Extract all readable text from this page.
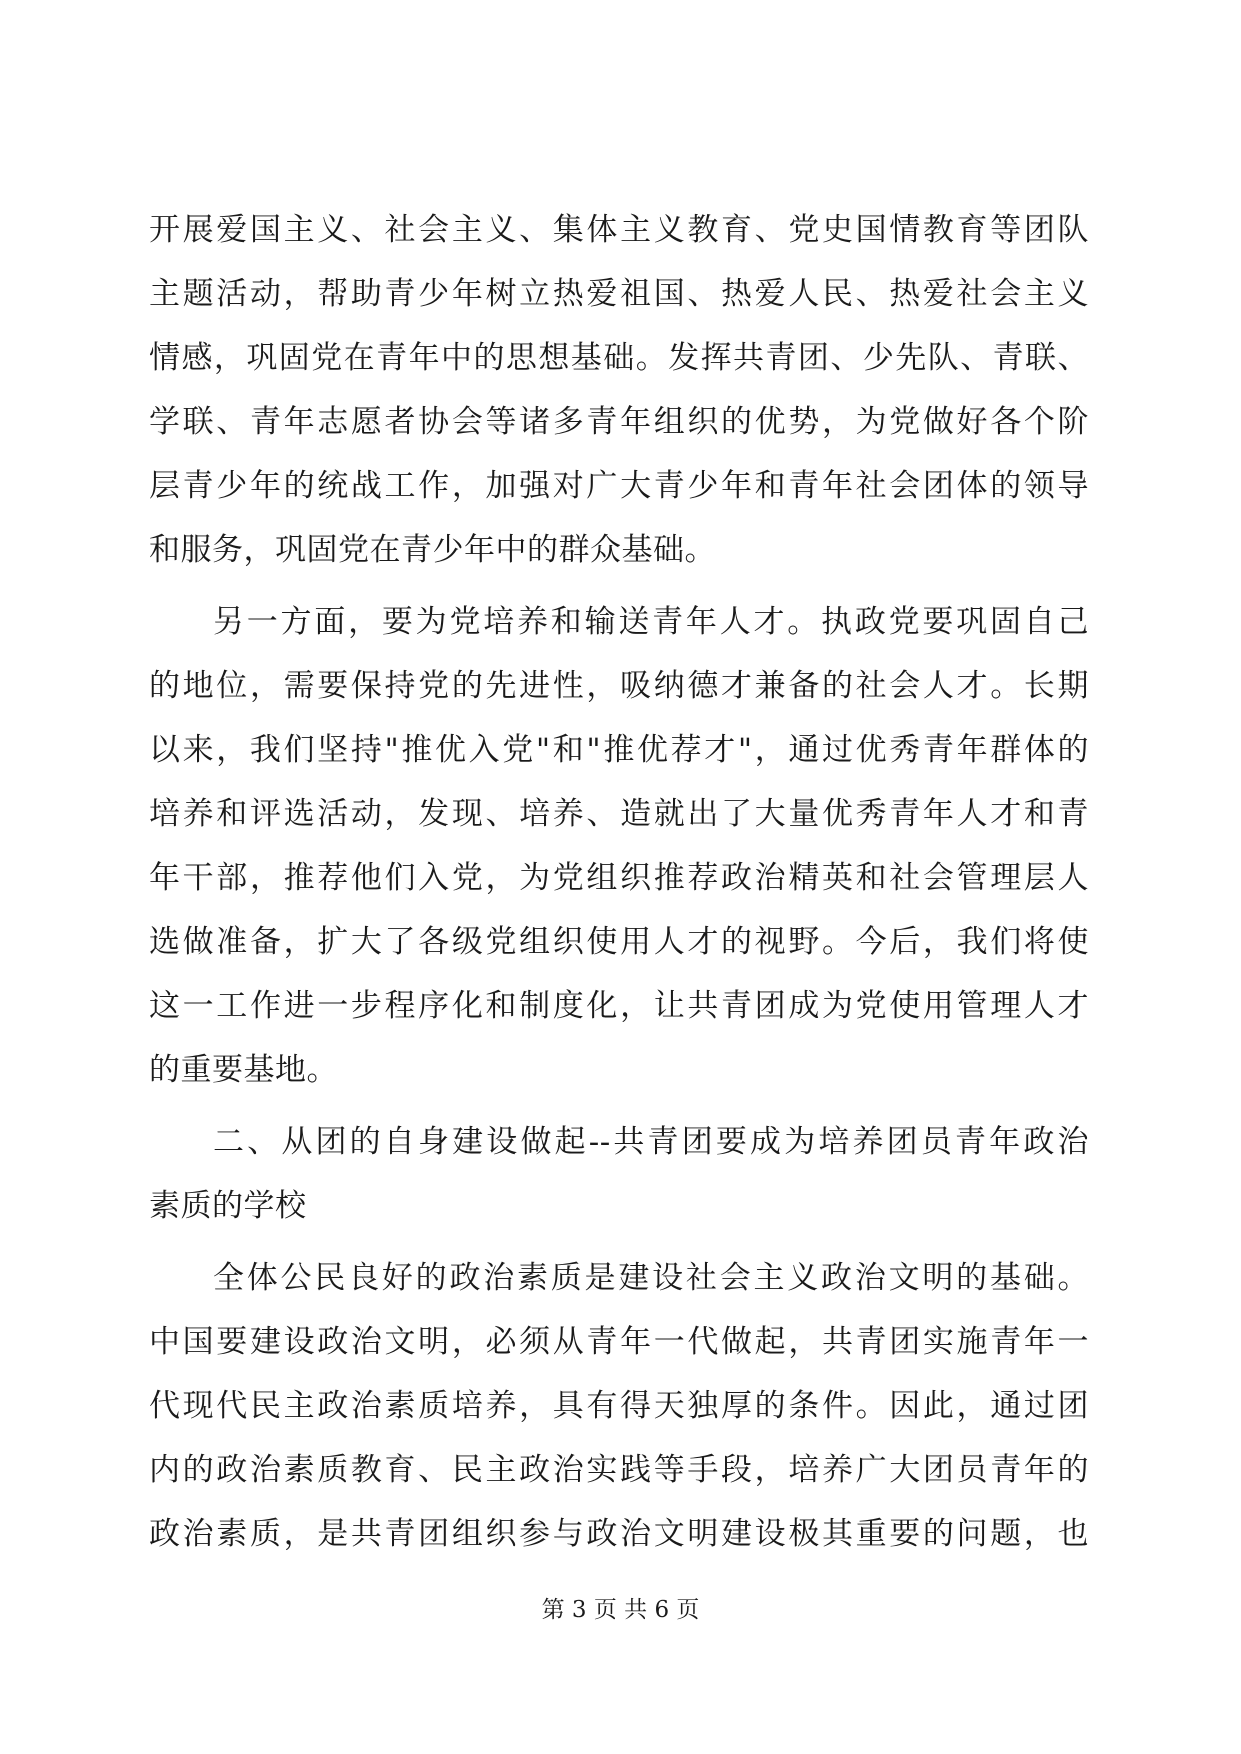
开展爱国主义、社会主义、集体主义教育、党史国情教育等团队
主题活动，帮助青少年树立热爱祖国、热爱人民、热爱社会主义
情感，巩固党在青年中的思想基础。发挥共青团、少先队、青联、
学联、青年志愿者协会等诸多青年组织的优势，为党做好各个阶
层青少年的统战工作，加强对广大青少年和青年社会团体的领导
和服务，巩固党在青少年中的群众基础。
另一方面，要为党培养和输送青年人才。执政党要巩固自己
的地位，需要保持党的先进性，吸纳德才兼备的社会人才。长期
以来，我们坚持"推优入党"和"推优荐才"，通过优秀青年群体的
培养和评选活动，发现、培养、造就出了大量优秀青年人才和青
年干部，推荐他们入党，为党组织推荐政治精英和社会管理层人
选做准备，扩大了各级党组织使用人才的视野。今后，我们将使
这一工作进一步程序化和制度化，让共青团成为党使用管理人才
的重要基地。
二、从团的自身建设做起--共青团要成为培养团员青年政治
素质的学校
全体公民良好的政治素质是建设社会主义政治文明的基础。
中国要建设政治文明，必须从青年一代做起，共青团实施青年一
代现代民主政治素质培养，具有得天独厚的条件。因此，通过团
内的政治素质教育、民主政治实践等手段，培养广大团员青年的
政治素质，是共青团组织参与政治文明建设极其重要的问题，也
第 3 页 共 6 页
